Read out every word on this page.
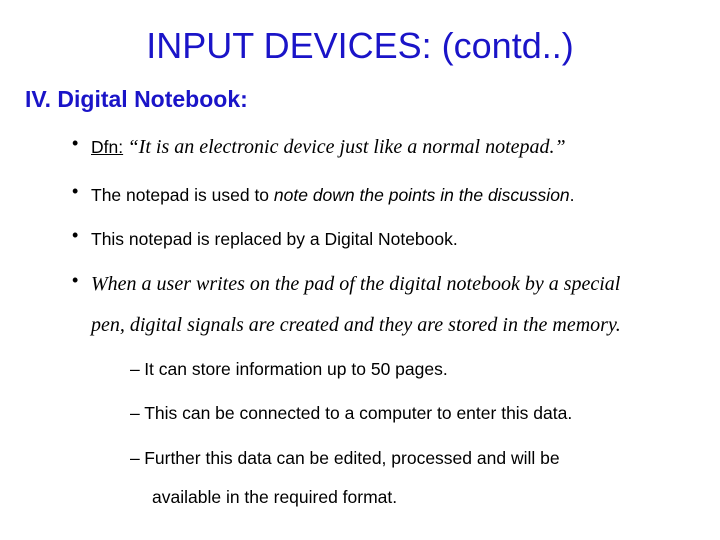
INPUT DEVICES: (contd..)
IV. Digital Notebook:
• Dfn: “It is an electronic device just like a normal notepad.”
• The notepad is used to note down the points in the discussion.
• This notepad is replaced by a Digital Notebook.
• When a user writes on the pad of the digital notebook by a special
pen, digital signals are created and they are stored in the memory.
– It can store information up to 50 pages.
– This can be connected to a computer to enter this data.
– Further this data can be edited, processed and will be
available in the required format.
